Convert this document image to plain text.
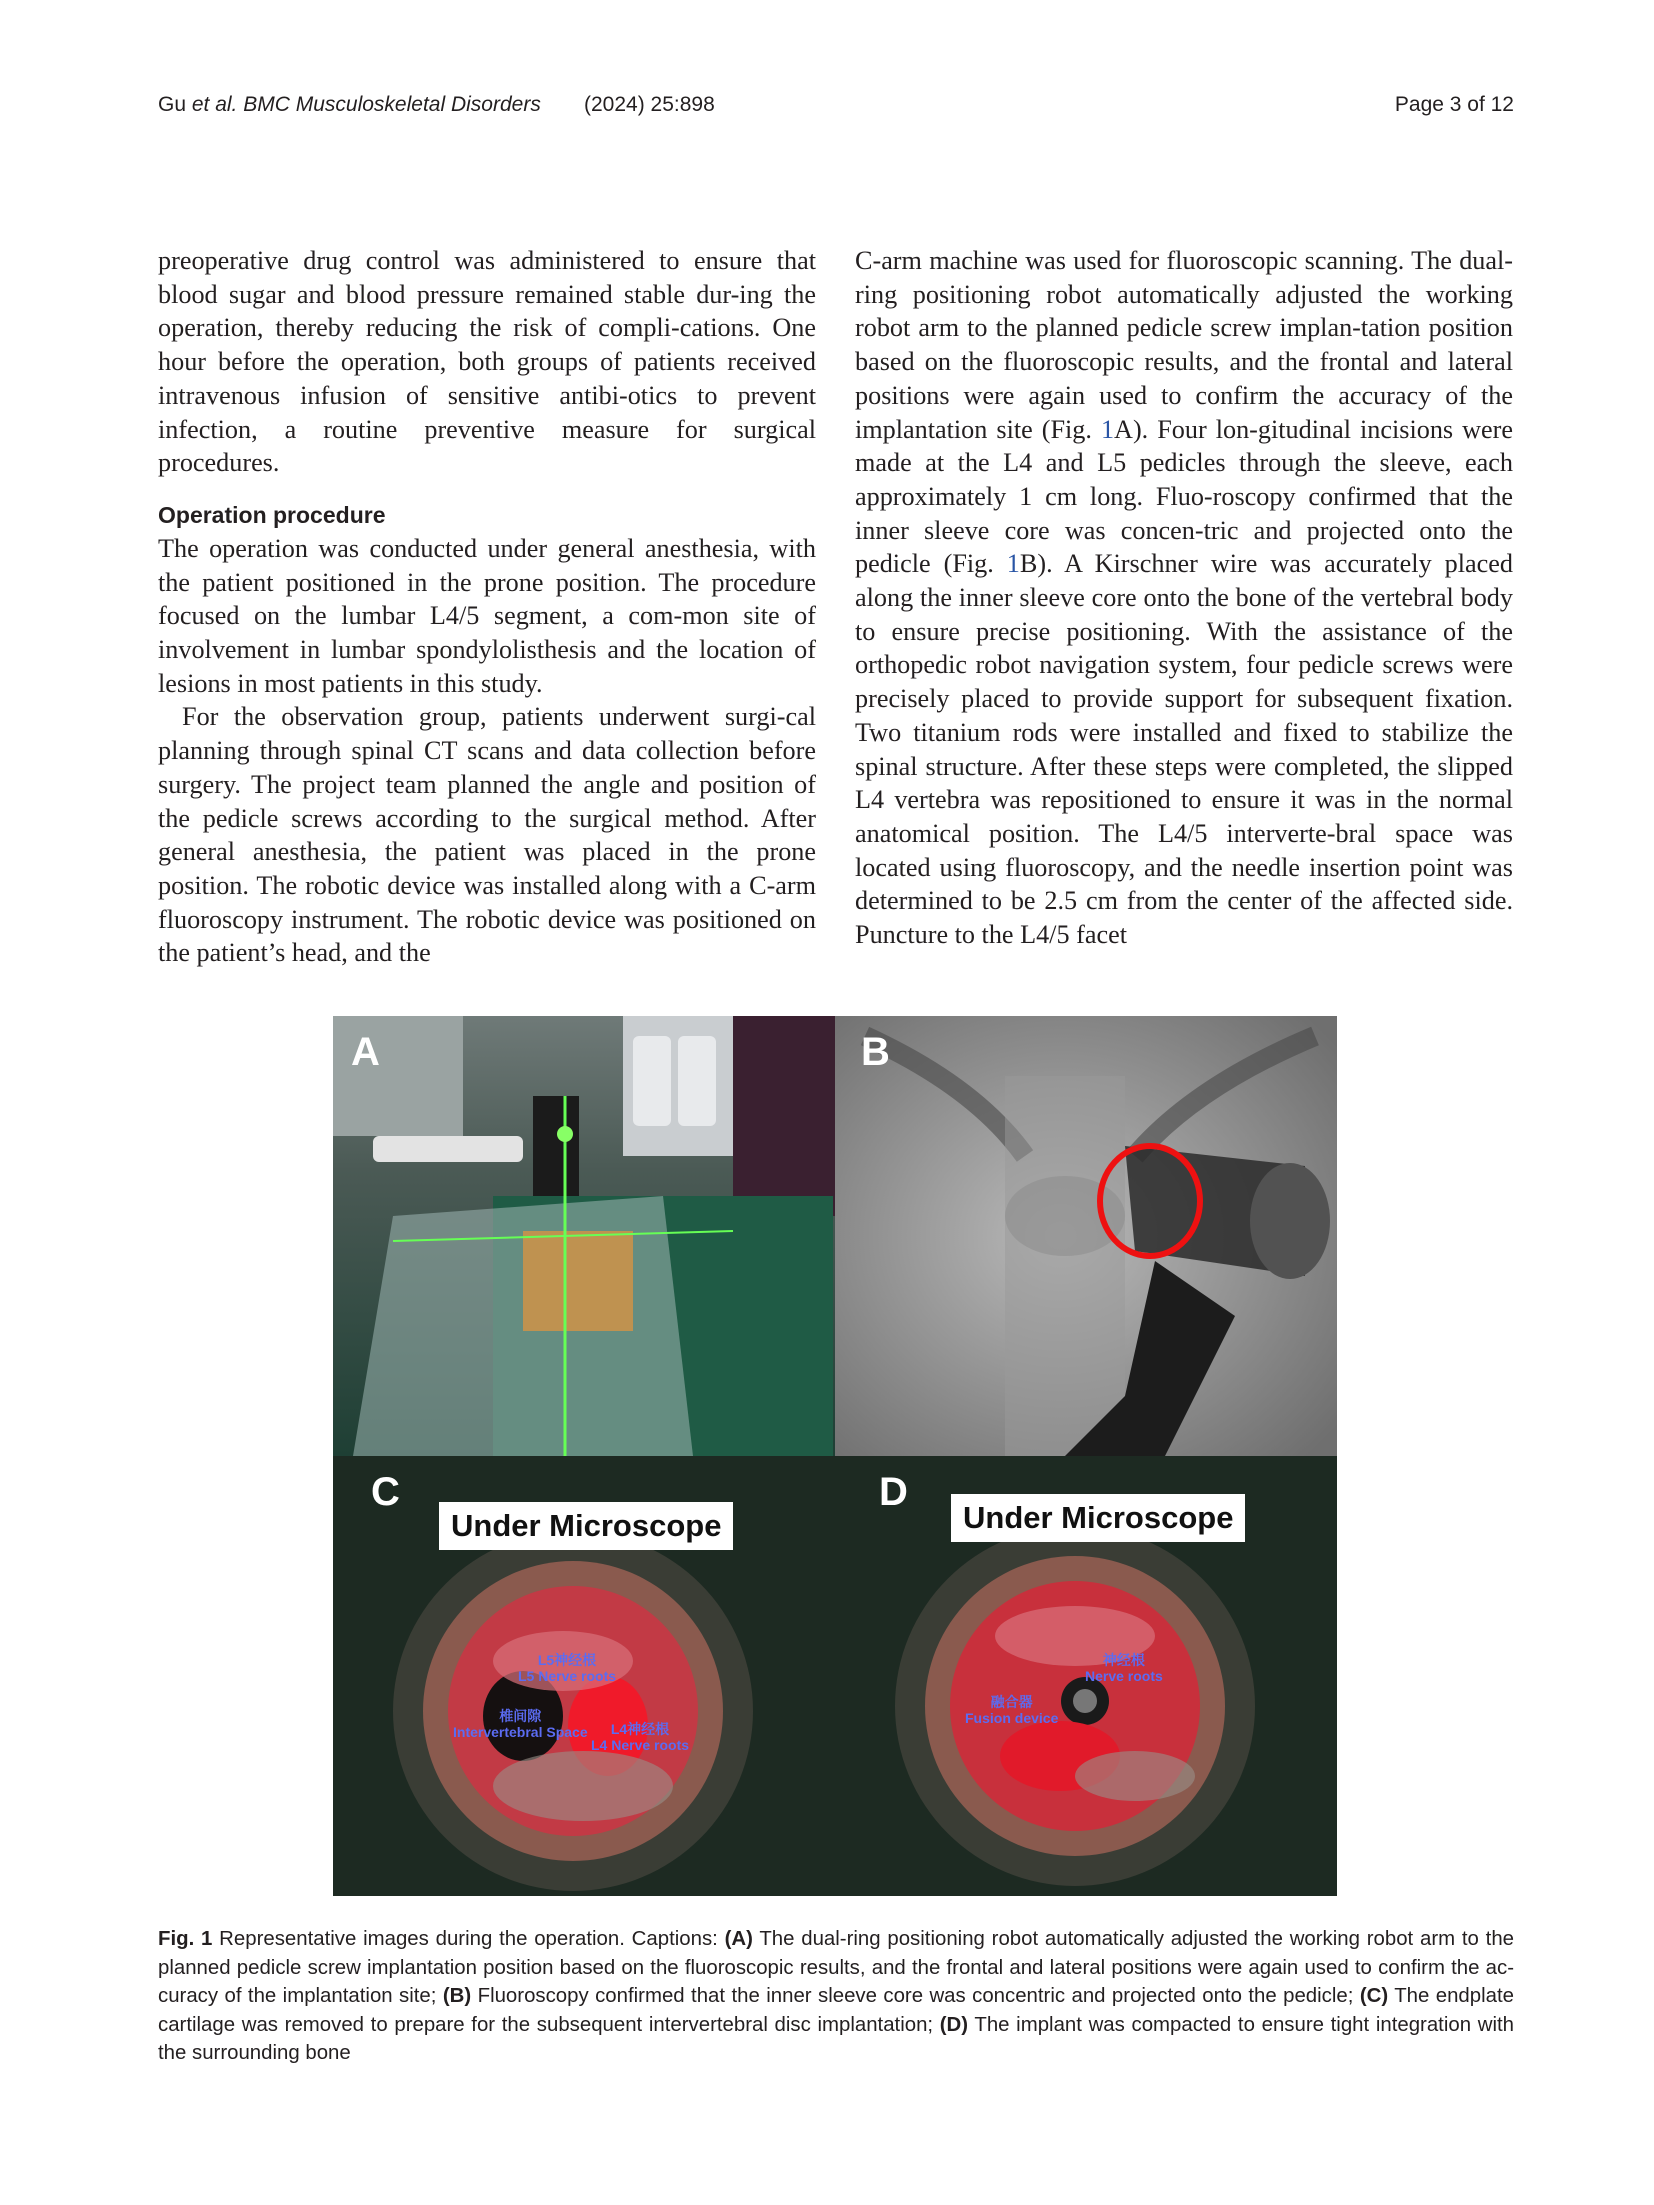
Gu et al. BMC Musculoskeletal Disorders (2024) 25:898	Page 3 of 12

preoperative drug control was administered to ensure that blood sugar and blood pressure remained stable dur-ing the operation, thereby reducing the risk of compli-cations. One hour before the operation, both groups of patients received intravenous infusion of sensitive antibi-otics to prevent infection, a routine preventive measure for surgical procedures.

Operation procedure

The operation was conducted under general anesthesia, with the patient positioned in the prone position. The procedure focused on the lumbar L4/5 segment, a com-mon site of involvement in lumbar spondylolisthesis and the location of lesions in most patients in this study.

For the observation group, patients underwent surgi-cal planning through spinal CT scans and data collection before surgery. The project team planned the angle and position of the pedicle screws according to the surgical method. After general anesthesia, the patient was placed in the prone position. The robotic device was installed along with a C-arm fluoroscopy instrument. The robotic device was positioned on the patient’s head, and the

C-arm machine was used for fluoroscopic scanning. The dual-ring positioning robot automatically adjusted the working robot arm to the planned pedicle screw implan-tation position based on the fluoroscopic results, and the frontal and lateral positions were again used to confirm the accuracy of the implantation site (Fig. 1A). Four lon-gitudinal incisions were made at the L4 and L5 pedicles through the sleeve, each approximately 1 cm long. Fluo-roscopy confirmed that the inner sleeve core was concen-tric and projected onto the pedicle (Fig. 1B). A Kirschner wire was accurately placed along the inner sleeve core onto the bone of the vertebral body to ensure precise positioning. With the assistance of the orthopedic robot navigation system, four pedicle screws were precisely placed to provide support for subsequent fixation. Two titanium rods were installed and fixed to stabilize the spinal structure. After these steps were completed, the slipped L4 vertebra was repositioned to ensure it was in the normal anatomical position. The L4/5 interverte-bral space was located using fluoroscopy, and the needle insertion point was determined to be 2.5 cm from the center of the affected side. Puncture to the L4/5 facet

A	B
C
Under Microscope
L5神经根
L5 Nerve roots
椎间隙
Intervertebral Space	L4神经根
L4 Nerve roots
D
Under Microscope
神经根
Nerve roots
融合器
Fusion device
Fig. 1 Representative images during the operation. Captions: (A) The dual-ring positioning robot automatically adjusted the working robot arm to the planned pedicle screw implantation position based on the fluoroscopic results, and the frontal and lateral positions were again used to confirm the ac-curacy of the implantation site; (B) Fluoroscopy confirmed that the inner sleeve core was concentric and projected onto the pedicle; (C) The endplate cartilage was removed to prepare for the subsequent intervertebral disc implantation; (D) The implant was compacted to ensure tight integration with the surrounding bone
